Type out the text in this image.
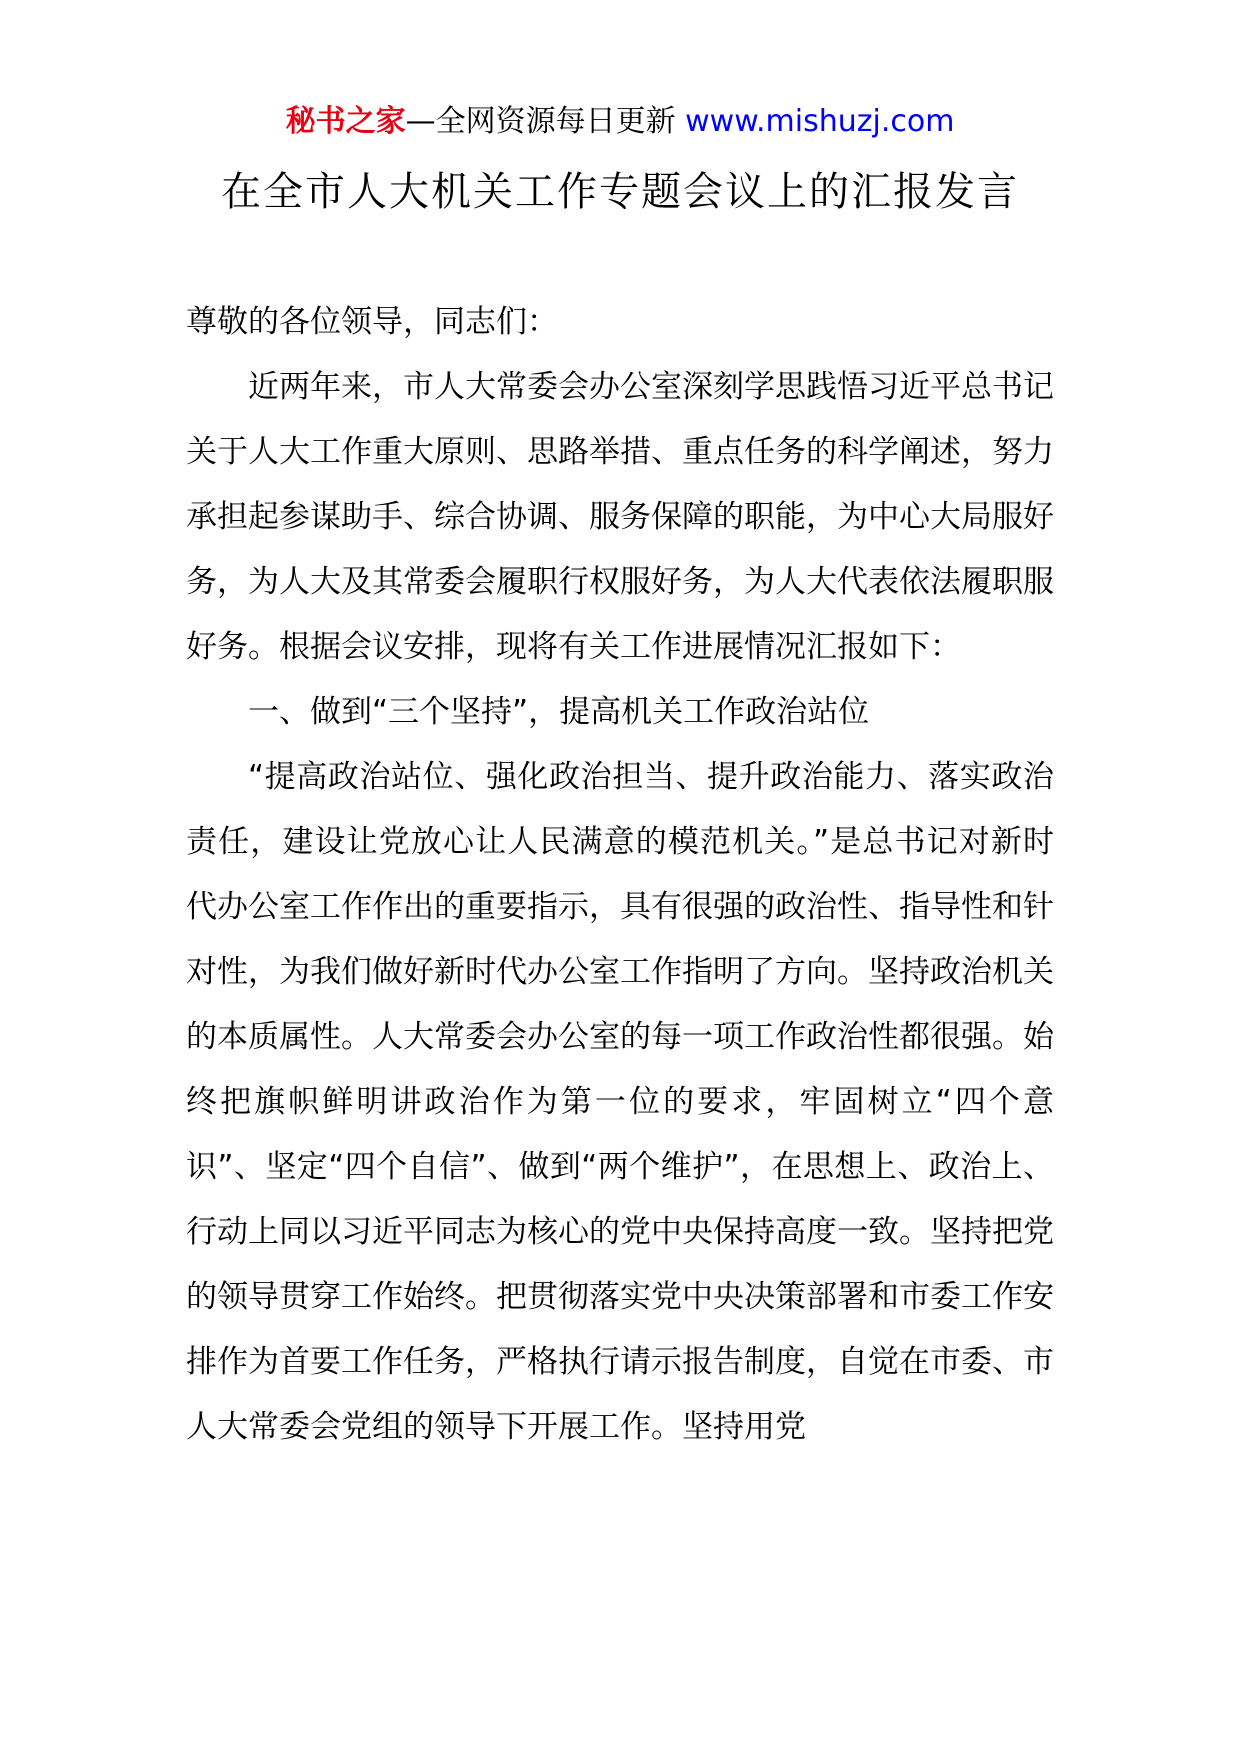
秘书之家—全网资源每日更新 www.mishuzj.com
在全市人大机关工作专题会议上的汇报发言

尊敬的各位领导，同志们：

近两年来，市人大常委会办公室深刻学思践悟习近平总书记关于人大工作重大原则、思路举措、重点任务的科学阐述，努力承担起参谋助手、综合协调、服务保障的职能，为中心大局服好务，为人大及其常委会履职行权服好务，为人大代表依法履职服好务。根据会议安排，现将有关工作进展情况汇报如下：

一、做到“三个坚持”，提高机关工作政治站位

“提高政治站位、强化政治担当、提升政治能力、落实政治责任，建设让党放心让人民满意的模范机关。”是总书记对新时代办公室工作作出的重要指示，具有很强的政治性、指导性和针对性，为我们做好新时代办公室工作指明了方向。坚持政治机关的本质属性。人大常委会办公室的每一项工作政治性都很强。始终把旗帜鲜明讲政治作为第一位的要求，牢固树立“四个意识”、坚定“四个自信”、做到“两个维护”，在思想上、政治上、行动上同以习近平同志为核心的党中央保持高度一致。坚持把党的领导贯穿工作始终。把贯彻落实党中央决策部署和市委工作安排作为首要工作任务，严格执行请示报告制度，自觉在市委、市人大常委会党组的领导下开展工作。坚持用党
